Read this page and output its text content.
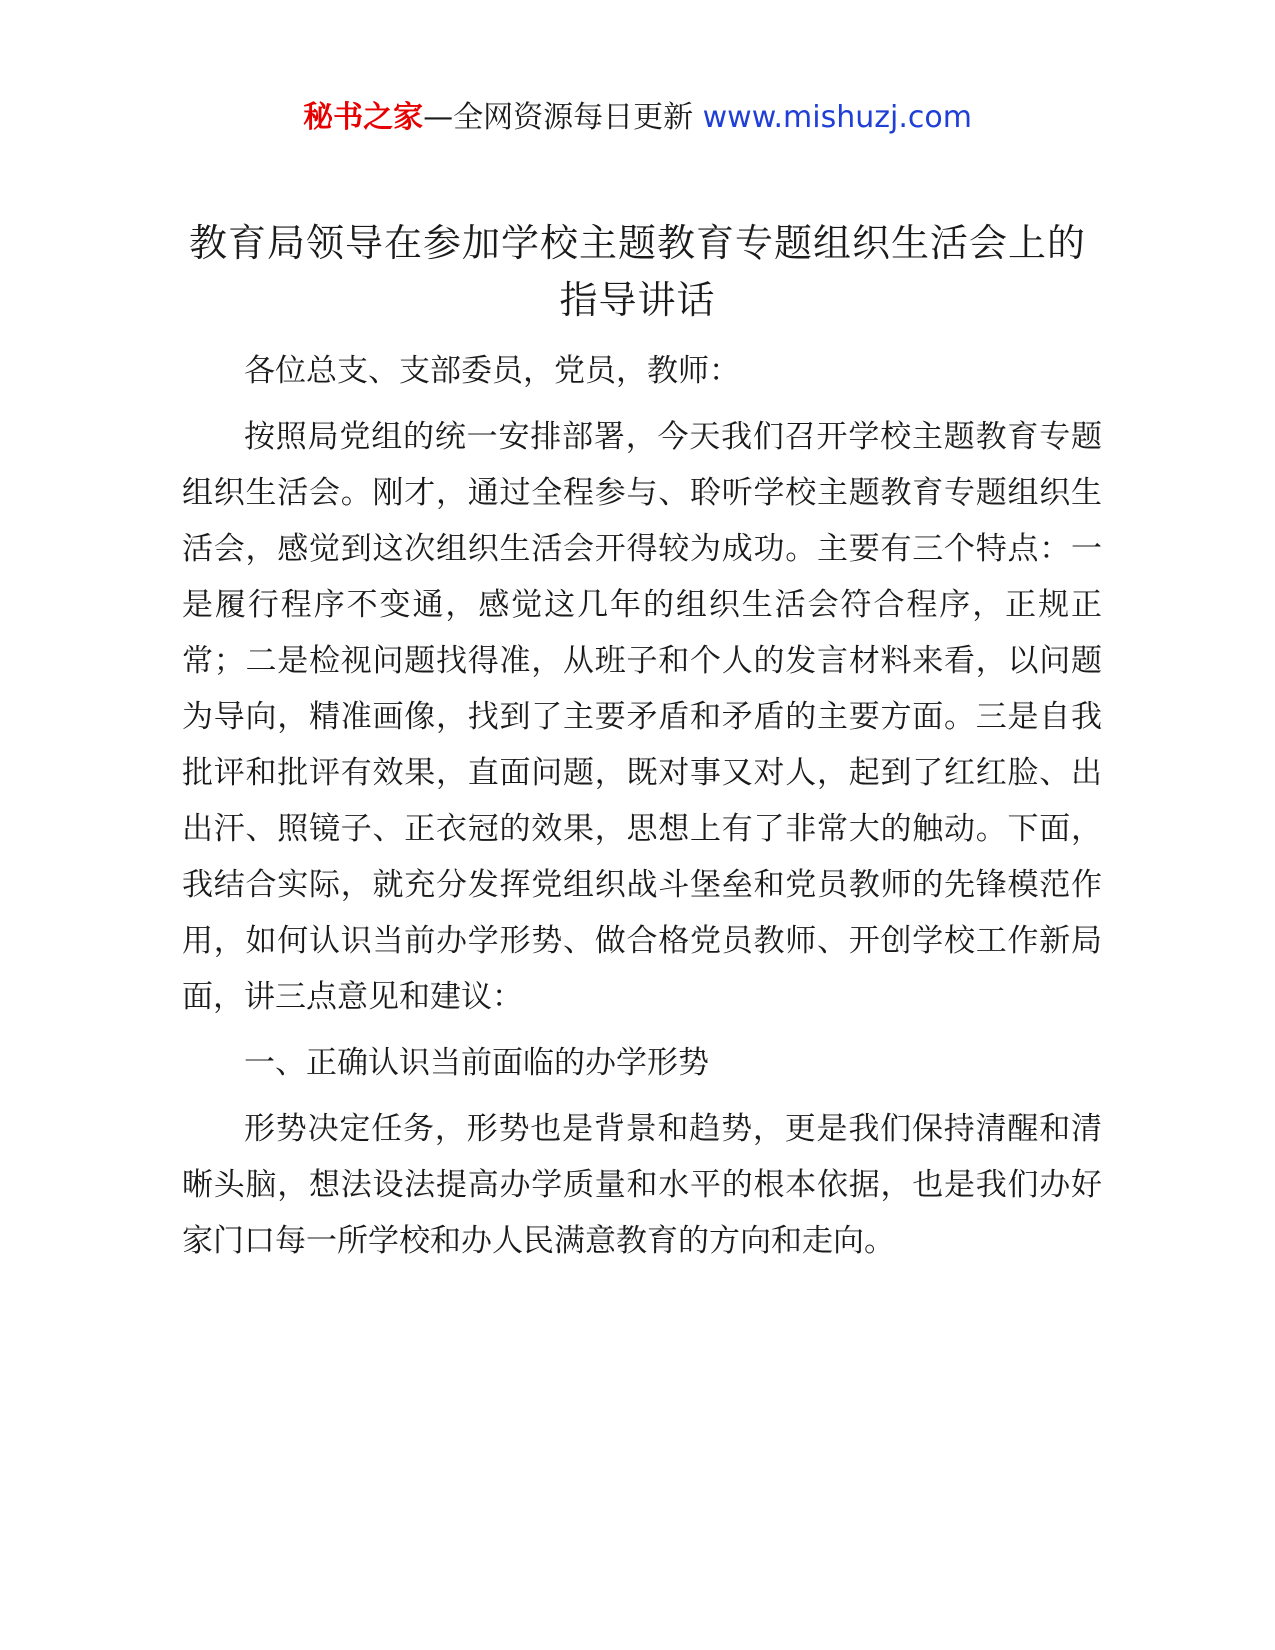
秘书之家—全网资源每日更新 www.mishuzj.com
教育局领导在参加学校主题教育专题组织生活会上的指导讲话

各位总支、支部委员，党员，教师：

按照局党组的统一安排部署，今天我们召开学校主题教育专题组织生活会。刚才，通过全程参与、聆听学校主题教育专题组织生活会，感觉到这次组织生活会开得较为成功。主要有三个特点：一是履行程序不变通，感觉这几年的组织生活会符合程序，正规正常；二是检视问题找得准，从班子和个人的发言材料来看，以问题为导向，精准画像，找到了主要矛盾和矛盾的主要方面。三是自我批评和批评有效果，直面问题，既对事又对人，起到了红红脸、出出汗、照镜子、正衣冠的效果，思想上有了非常大的触动。下面，我结合实际，就充分发挥党组织战斗堡垒和党员教师的先锋模范作用，如何认识当前办学形势、做合格党员教师、开创学校工作新局面，讲三点意见和建议：

一、正确认识当前面临的办学形势

形势决定任务，形势也是背景和趋势，更是我们保持清醒和清晰头脑，想法设法提高办学质量和水平的根本依据，也是我们办好家门口每一所学校和办人民满意教育的方向和走向。
